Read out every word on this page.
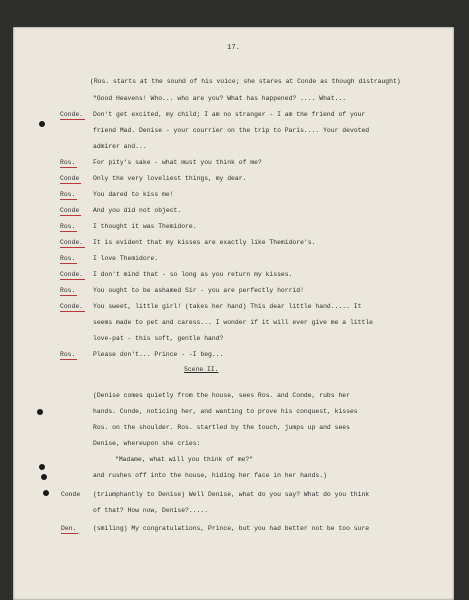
17.
(Ros. starts at the sound of his voice; she stares at Conde as though distraught)
"Good Heavens! Who... who are you? What has happened? .... What...
Conde. Don't get excited, my child; I am no stranger - I am the friend of your
friend Mad. Denise - your courrier on the trip to Paris.... Your devoted
admirer and...
Ros.	For pity's sake - what must you think of me?
Conde Only the very loveliest things, my dear.
Ros.	You dared to kiss me!
Conde And you did not object.
Ros.	I thought it was Themidore.
Conde. It is evident that my kisses are exactly like Themidore's.
Ros.	I love Themidore.
Conde. I don't mind that - so long as you return my kisses.
Ros.	You ought to be ashamed Sir - you are perfectly horrid!
Conde. You sweet, little girl! (takes her hand) This dear little hand..... It
seems made to pet and caress... I wonder if it will ever give me a little
love-pat - this soft, gentle hand?
Ros.	Please don't... Prince - -I beg...
Scene II.
(Denise comes quietly from the house, sees Ros. and Conde, rubs her
hands. Conde, noticing her, and wanting to prove his conquest, kisses
Ros. on the shoulder. Ros. startled by the touch, jumps up and sees
Denise, whereupon she cries:
"Madame, what will you think of me?"
and rushes off into the house, hiding her face in her hands.)
Conde (triumphantly to Denise) Well Denise, what do you say? What do you think
of that? How now, Denise?.....
Den.	(smiling) My congratulations, Prince, but you had better not be too sure
